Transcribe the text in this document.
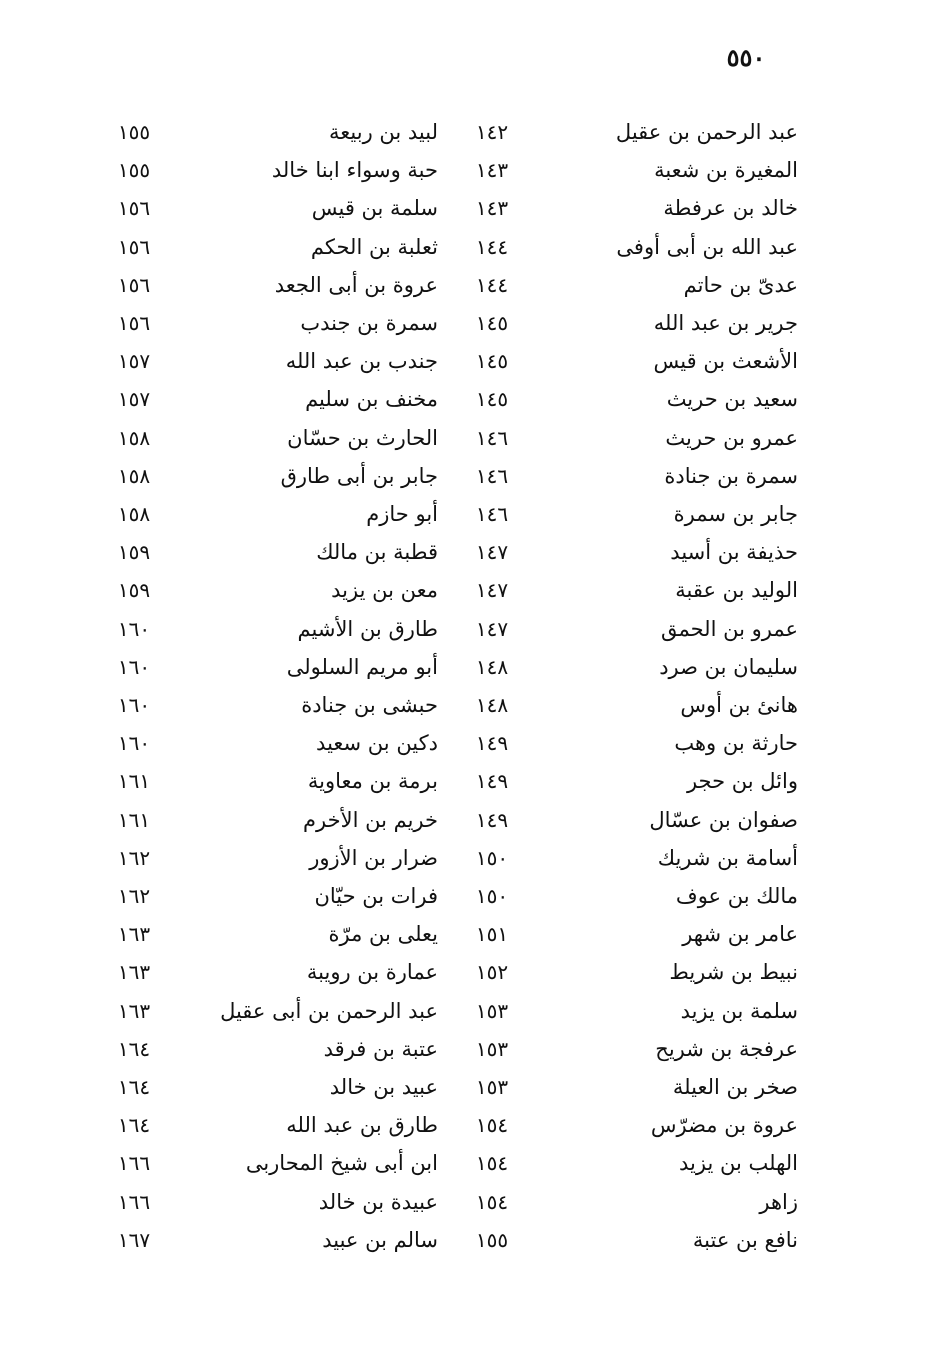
٥٥٠
عبد الرحمن بن عقيل
١٤٢
لبيد بن ربيعة
١٥٥
المغيرة بن شعبة
١٤٣
حبة وسواء ابنا خالد
١٥٥
خالد بن عرفطة
١٤٣
سلمة بن قيس
١٥٦
عبد الله بن أبى أوفى
١٤٤
ثعلبة بن الحكم
١٥٦
عدىّ بن حاتم
١٤٤
عروة بن أبى الجعد
١٥٦
جرير بن عبد الله
١٤٥
سمرة بن جندب
١٥٦
الأشعث بن قيس
١٤٥
جندب بن عبد الله
١٥٧
سعيد بن حريث
١٤٥
مخنف بن سليم
١٥٧
عمرو بن حريث
١٤٦
الحارث بن حسّان
١٥٨
سمرة بن جنادة
١٤٦
جابر بن أبى طارق
١٥٨
جابر بن سمرة
١٤٦
أبو حازم
١٥٨
حذيفة بن أسيد
١٤٧
قطبة بن مالك
١٥٩
الوليد بن عقبة
١٤٧
معن بن يزيد
١٥٩
عمرو بن الحمق
١٤٧
طارق بن الأشيم
١٦٠
سليمان بن صرد
١٤٨
أبو مريم السلولى
١٦٠
هانئ بن أوس
١٤٨
حبشى بن جنادة
١٦٠
حارثة بن وهب
١٤٩
دكين بن سعيد
١٦٠
وائل بن حجر
١٤٩
برمة بن معاوية
١٦١
صفوان بن عسّال
١٤٩
خريم بن الأخرم
١٦١
أسامة بن شريك
١٥٠
ضرار بن الأزور
١٦٢
مالك بن عوف
١٥٠
فرات بن حيّان
١٦٢
عامر بن شهر
١٥١
يعلى بن مرّة
١٦٣
نبيط بن شريط
١٥٢
عمارة بن رويبة
١٦٣
سلمة بن يزيد
١٥٣
عبد الرحمن بن أبى عقيل
١٦٣
عرفجة بن شريح
١٥٣
عتبة بن فرقد
١٦٤
صخر بن العيلة
١٥٣
عبيد بن خالد
١٦٤
عروة بن مضرّس
١٥٤
طارق بن عبد الله
١٦٤
الهلب بن يزيد
١٥٤
ابن أبى شيخ المحاربى
١٦٦
زاهر
١٥٤
عبيدة بن خالد
١٦٦
نافع بن عتبة
١٥٥
سالم بن عبيد
١٦٧
